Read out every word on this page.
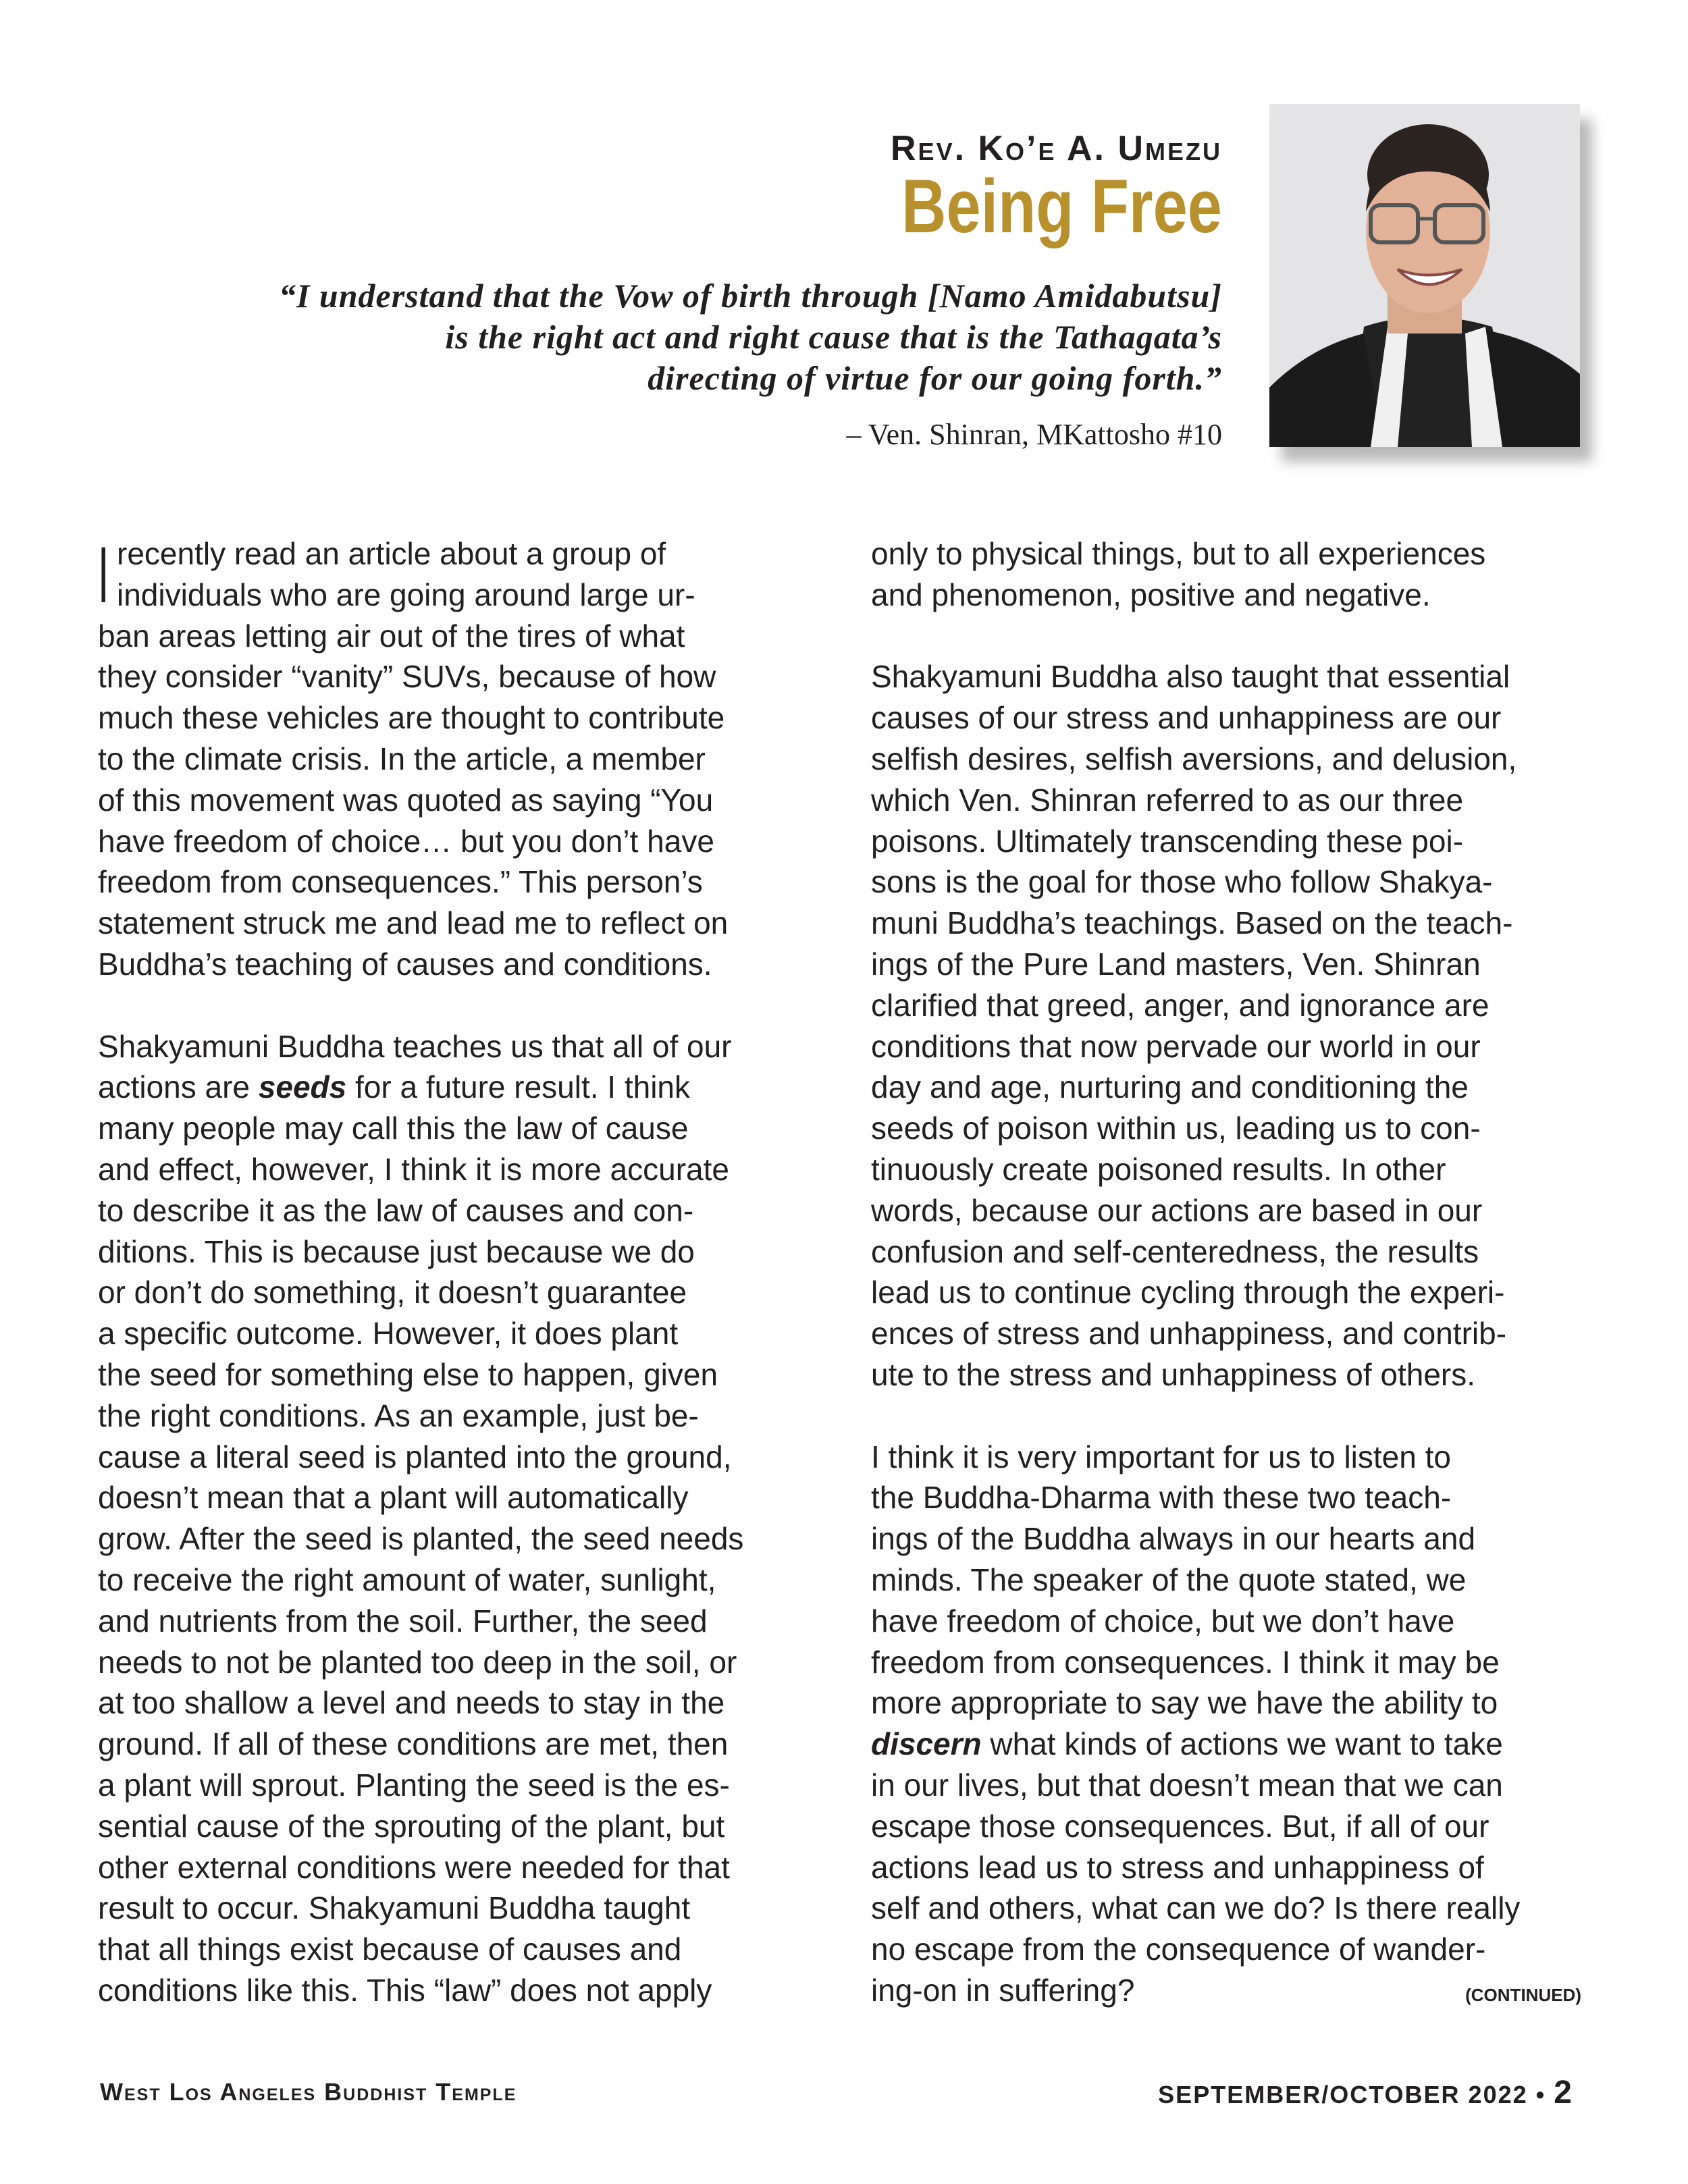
Rev. Ko’e A. Umezu
Being Free
“I understand that the Vow of birth through [Namo Amidabutsu]
is the right act and right cause that is the Tathagata’s
directing of virtue for our going forth.”
– Ven. Shinran, MKattosho #10
I recently read an article about a group of
individuals who are going around large ur-
ban areas letting air out of the tires of what
they consider “vanity” SUVs, because of how
much these vehicles are thought to contribute
to the climate crisis. In the article, a member
of this movement was quoted as saying “You
have freedom of choice… but you don’t have
freedom from consequences.” This person’s
statement struck me and lead me to reflect on
Buddha’s teaching of causes and conditions.
Shakyamuni Buddha teaches us that all of our
actions are seeds for a future result. I think
many people may call this the law of cause
and effect, however, I think it is more accurate
to describe it as the law of causes and con-
ditions. This is because just because we do
or don’t do something, it doesn’t guarantee
a specific outcome. However, it does plant
the seed for something else to happen, given
the right conditions. As an example, just be-
cause a literal seed is planted into the ground,
doesn’t mean that a plant will automatically
grow. After the seed is planted, the seed needs
to receive the right amount of water, sunlight,
and nutrients from the soil. Further, the seed
needs to not be planted too deep in the soil, or
at too shallow a level and needs to stay in the
ground. If all of these conditions are met, then
a plant will sprout. Planting the seed is the es-
sential cause of the sprouting of the plant, but
other external conditions were needed for that
result to occur. Shakyamuni Buddha taught
that all things exist because of causes and
conditions like this. This “law” does not apply
only to physical things, but to all experiences
and phenomenon, positive and negative.
Shakyamuni Buddha also taught that essential
causes of our stress and unhappiness are our
selfish desires, selfish aversions, and delusion,
which Ven. Shinran referred to as our three
poisons. Ultimately transcending these poi-
sons is the goal for those who follow Shakya-
muni Buddha’s teachings. Based on the teach-
ings of the Pure Land masters, Ven. Shinran
clarified that greed, anger, and ignorance are
conditions that now pervade our world in our
day and age, nurturing and conditioning the
seeds of poison within us, leading us to con-
tinuously create poisoned results. In other
words, because our actions are based in our
confusion and self-centeredness, the results
lead us to continue cycling through the experi-
ences of stress and unhappiness, and contrib-
ute to the stress and unhappiness of others.
I think it is very important for us to listen to
the Buddha-Dharma with these two teach-
ings of the Buddha always in our hearts and
minds. The speaker of the quote stated, we
have freedom of choice, but we don’t have
freedom from consequences. I think it may be
more appropriate to say we have the ability to
discern what kinds of actions we want to take
in our lives, but that doesn’t mean that we can
escape those consequences. But, if all of our
actions lead us to stress and unhappiness of
self and others, what can we do? Is there really
no escape from the consequence of wander-
ing-on in suffering?	(CONTINUED)
West Los Angeles Buddhist Temple	SEPTEMBER/OCTOBER 2022 • 2
